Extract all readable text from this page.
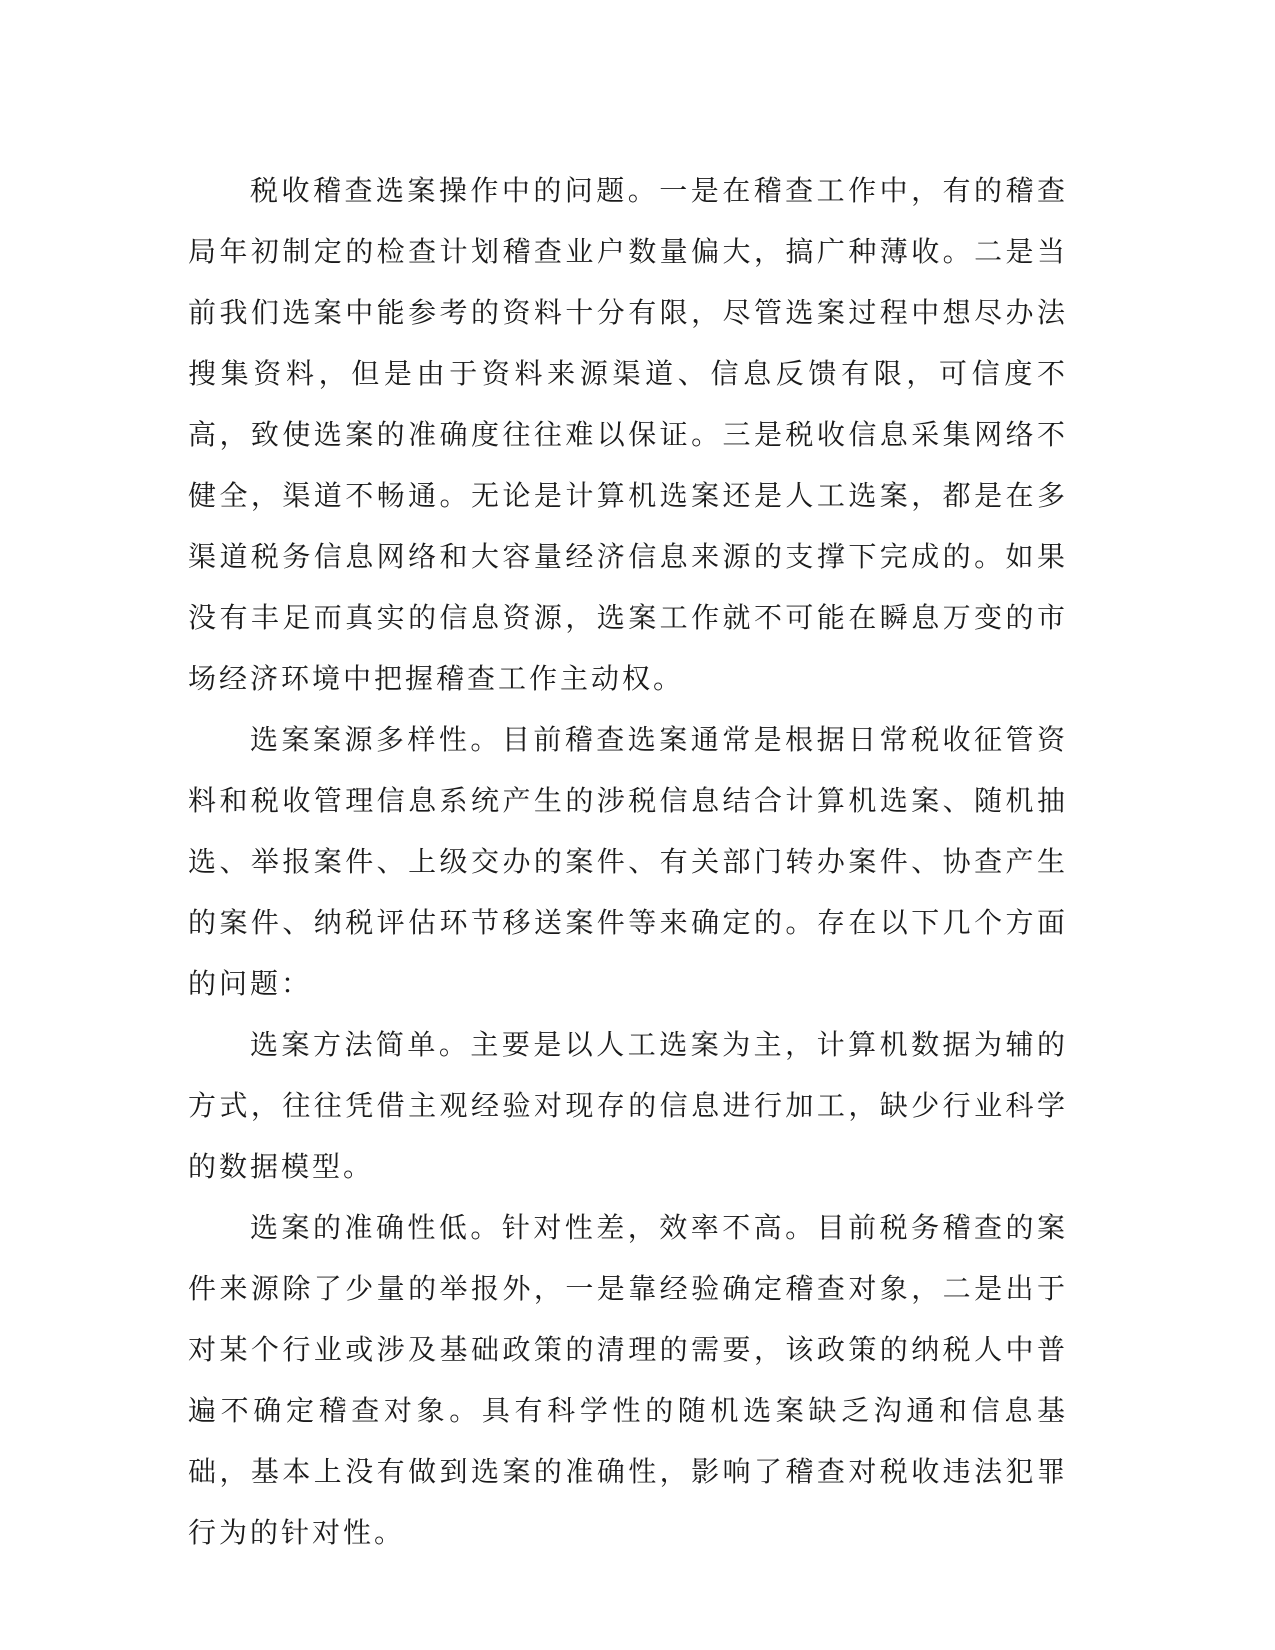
税收稽查选案操作中的问题。一是在稽查工作中，有的稽查局年初制定的检查计划稽查业户数量偏大，搞广种薄收。二是当前我们选案中能参考的资料十分有限，尽管选案过程中想尽办法搜集资料，但是由于资料来源渠道、信息反馈有限，可信度不高，致使选案的准确度往往难以保证。三是税收信息采集网络不健全，渠道不畅通。无论是计算机选案还是人工选案，都是在多渠道税务信息网络和大容量经济信息来源的支撑下完成的。如果没有丰足而真实的信息资源，选案工作就不可能在瞬息万变的市场经济环境中把握稽查工作主动权。

选案案源多样性。目前稽查选案通常是根据日常税收征管资料和税收管理信息系统产生的涉税信息结合计算机选案、随机抽选、举报案件、上级交办的案件、有关部门转办案件、协查产生的案件、纳税评估环节移送案件等来确定的。存在以下几个方面的问题：

选案方法简单。主要是以人工选案为主，计算机数据为辅的方式，往往凭借主观经验对现存的信息进行加工，缺少行业科学的数据模型。

选案的准确性低。针对性差，效率不高。目前税务稽查的案件来源除了少量的举报外，一是靠经验确定稽查对象，二是出于对某个行业或涉及基础政策的清理的需要，该政策的纳税人中普遍不确定稽查对象。具有科学性的随机选案缺乏沟通和信息基础，基本上没有做到选案的准确性，影响了稽查对税收违法犯罪行为的针对性。
